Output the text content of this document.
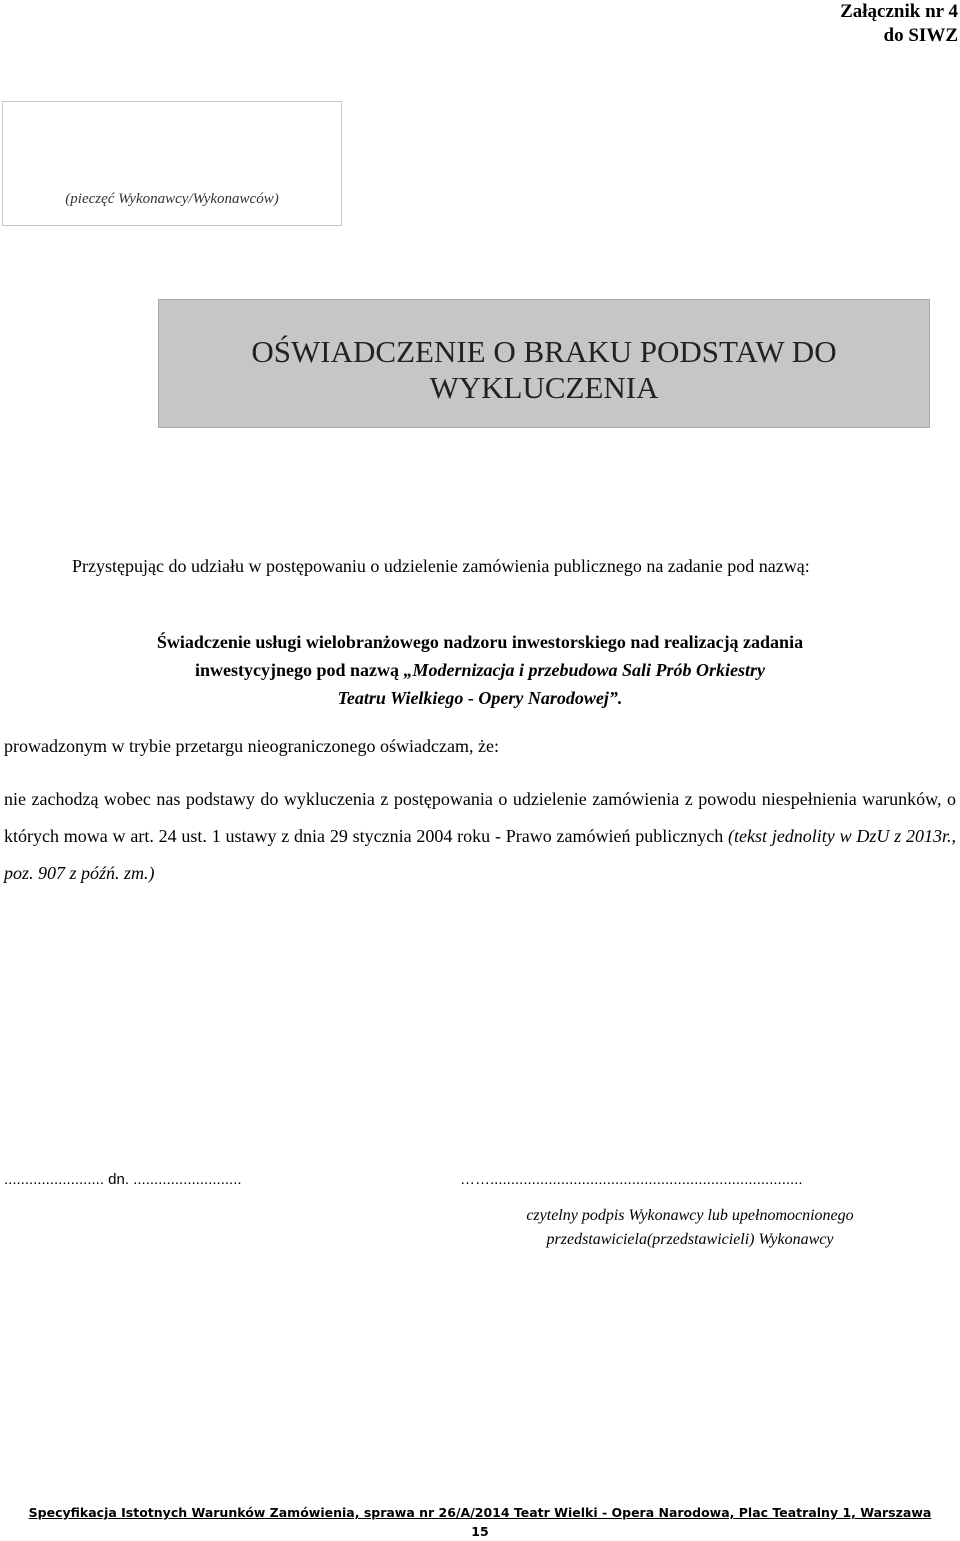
Załącznik nr 4
do SIWZ
(pieczęć Wykonawcy/Wykonawców)
OŚWIADCZENIE O BRAKU PODSTAW DO
WYKLUCZENIA
Przystępując do udziału w postępowaniu o udzielenie zamówienia publicznego na zadanie pod nazwą:
Świadczenie usługi wielobranżowego nadzoru inwestorskiego nad realizacją zadania
inwestycyjnego pod nazwą „Modernizacja i przebudowa Sali Prób Orkiestry
Teatru Wielkiego - Opery Narodowej”.
prowadzonym w trybie przetargu nieograniczonego oświadczam, że:
nie zachodzą wobec nas podstawy do wykluczenia z postępowania o udzielenie zamówienia z powodu niespełnienia warunków, o których mowa w art. 24 ust. 1 ustawy z dnia 29 stycznia 2004 roku - Prawo zamówień publicznych (tekst jednolity w DzU z 2013r., poz. 907 z późń. zm.)
........................ dn. ..........................	……...........................................................................
czytelny podpis Wykonawcy lub upełnomocnionego
przedstawiciela(przedstawicieli) Wykonawcy
Specyfikacja Istotnych Warunków Zamówienia, sprawa nr 26/A/2014 Teatr Wielki - Opera Narodowa, Plac Teatralny 1, Warszawa
15
